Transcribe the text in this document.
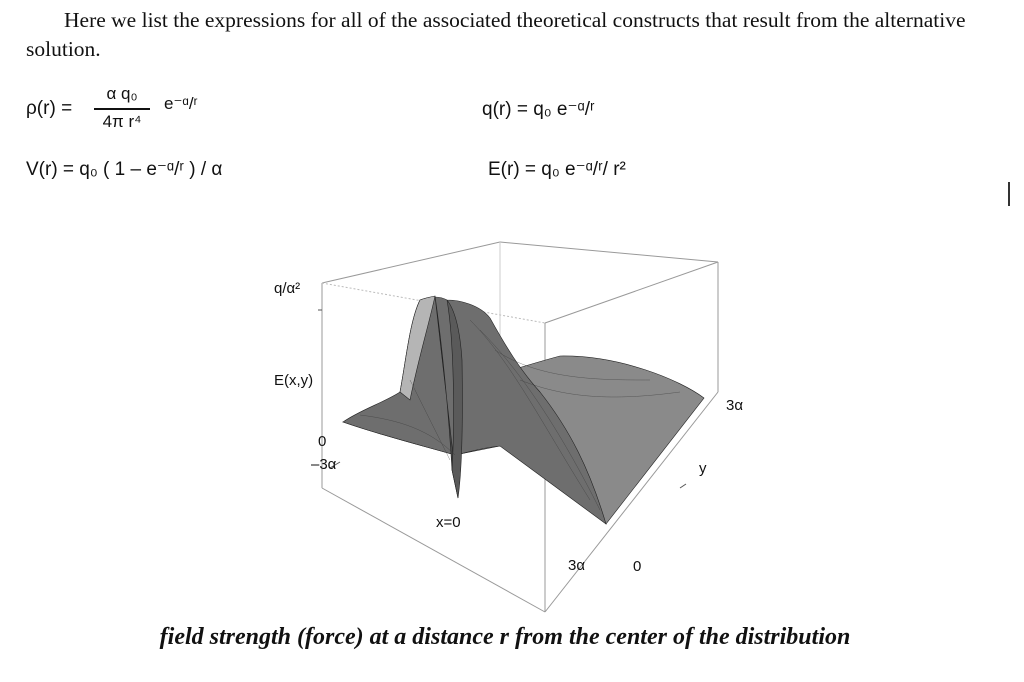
Here we list the expressions for all of the associated theoretical constructs that result from the alternative solution.

ρ(r) =
α q₀
4π r⁴
e⁻ᵅ/ʳ	q(r) = q₀ e⁻ᵅ/ʳ
V(r) = q₀ ( 1 – e⁻ᵅ/ʳ ) / α	E(r) = q₀ e⁻ᵅ/ʳ/ r²
q/α²
E(x,y)
0
–3α
x=0
3α	0
y
3α
field strength (force) at a distance r from the center of the distribution
